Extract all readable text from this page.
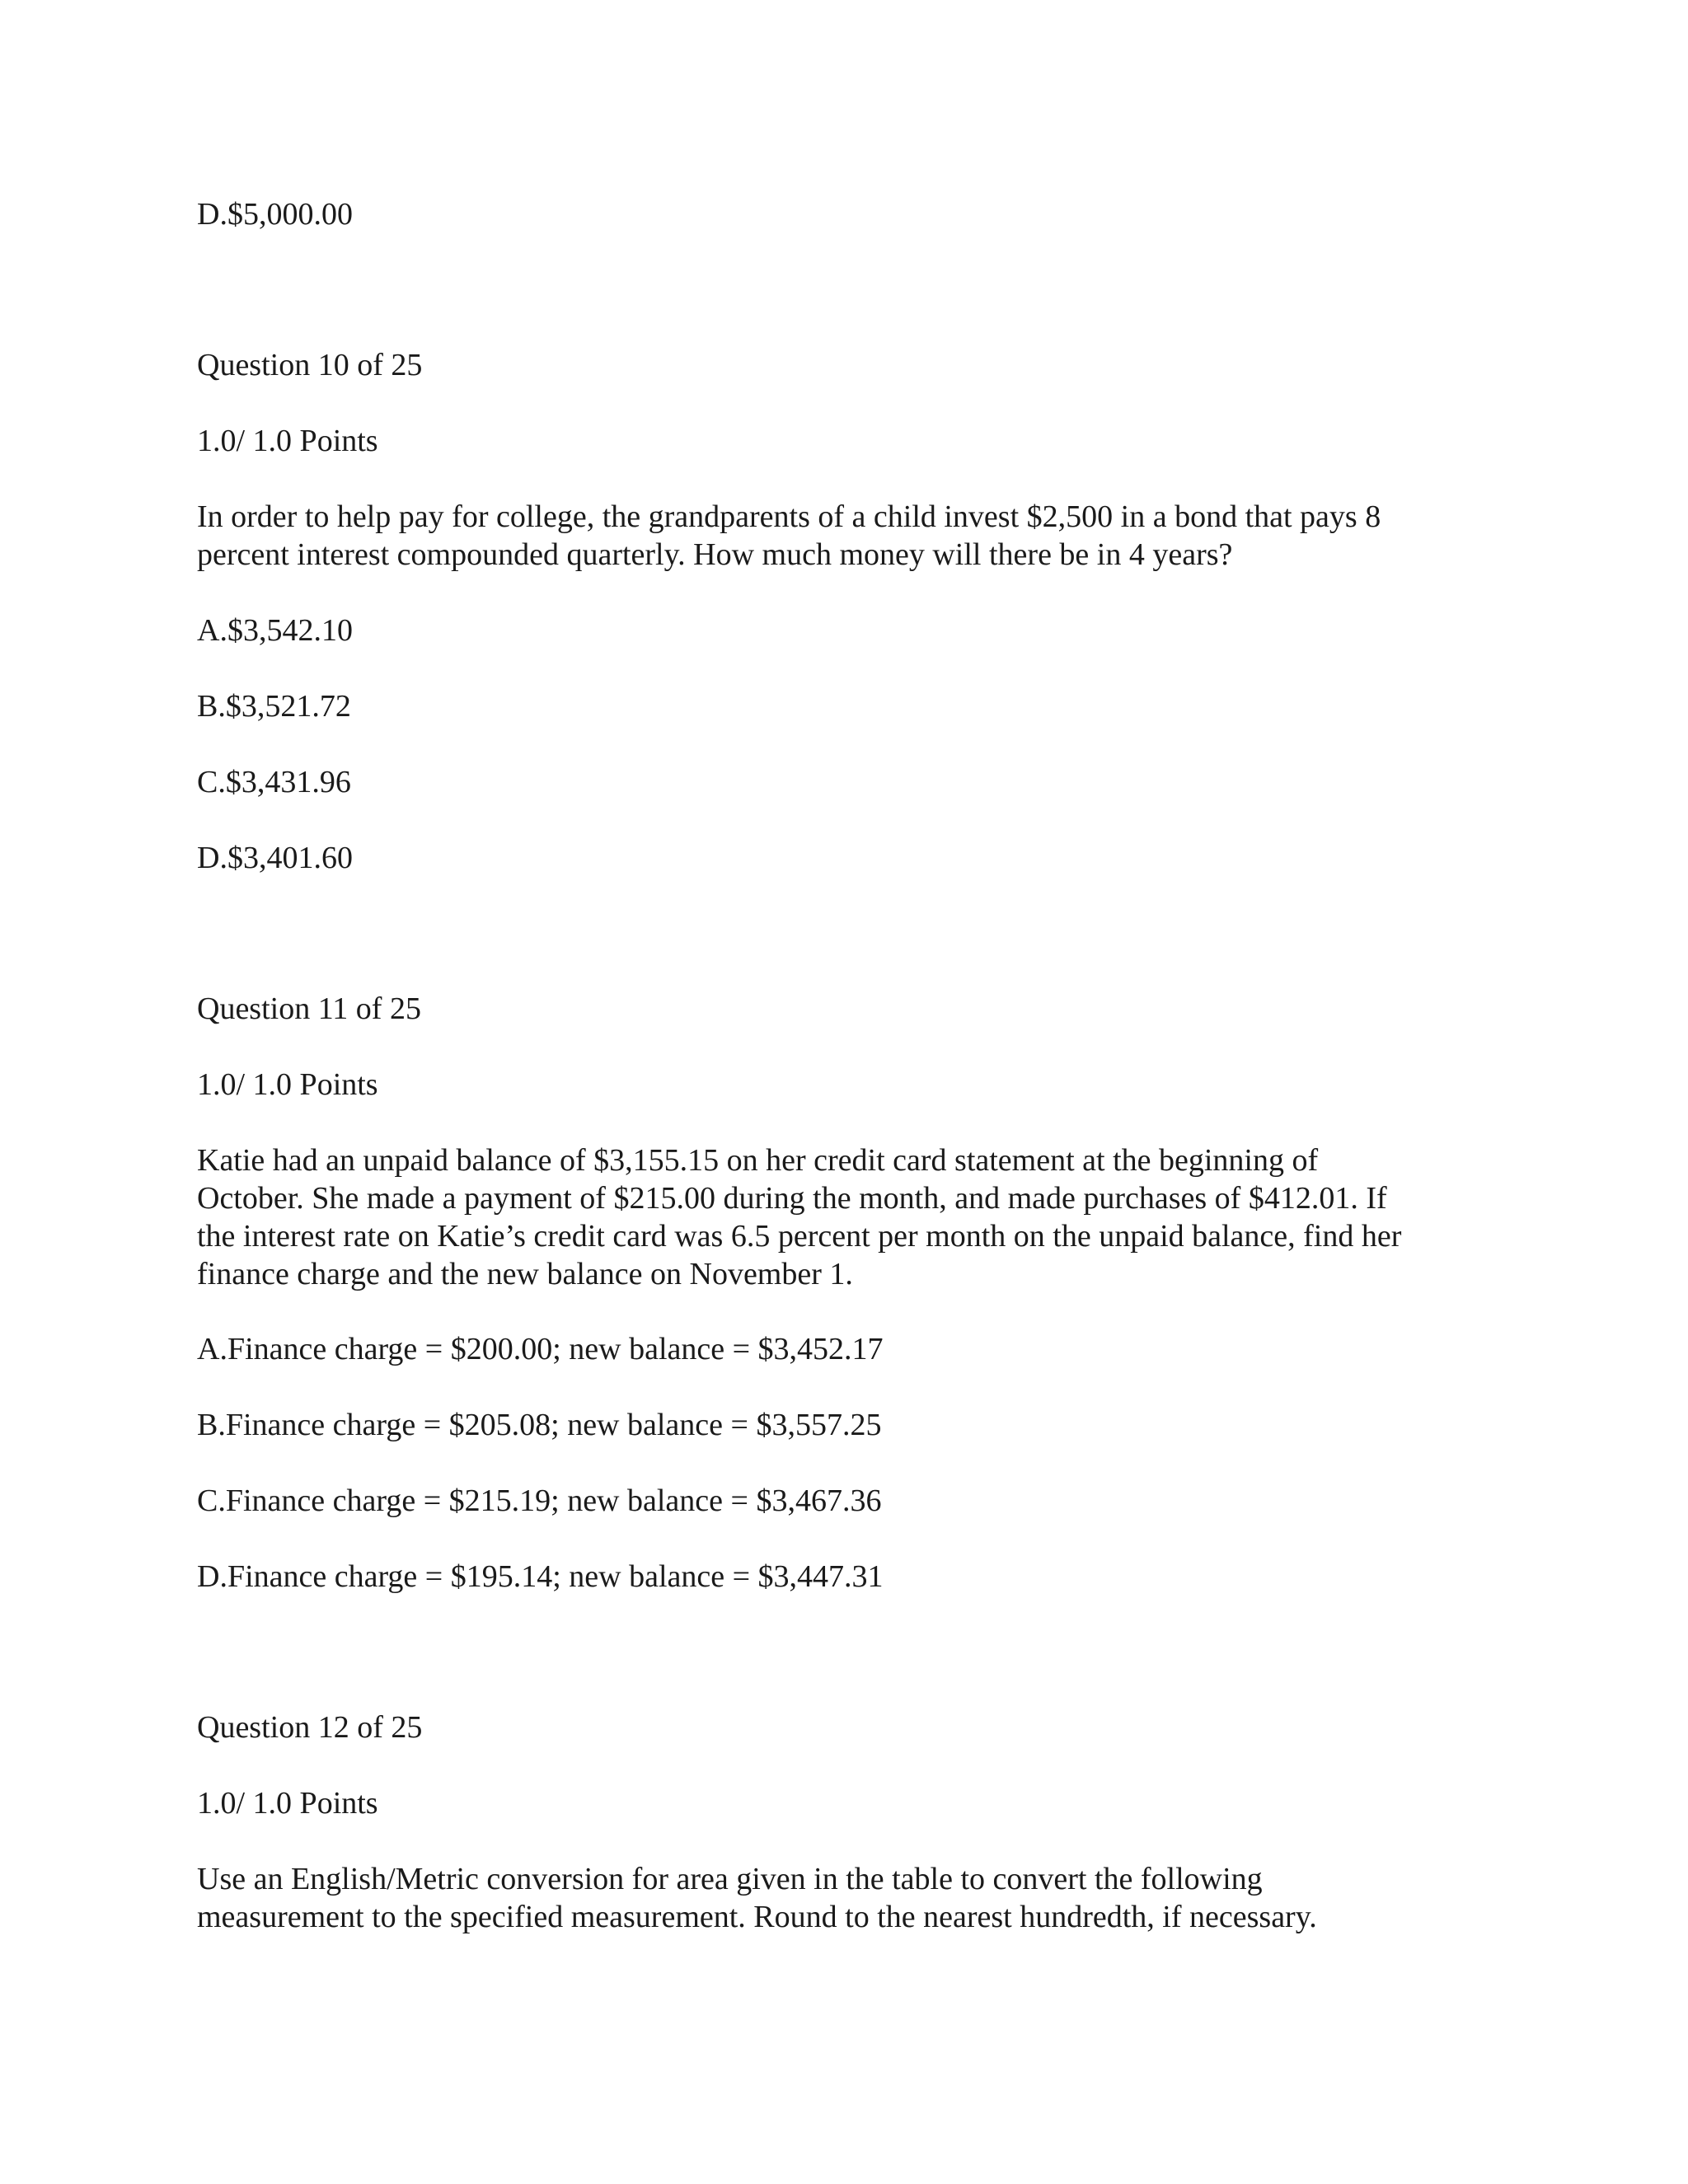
D.$5,000.00

Question 10 of 25

1.0/ 1.0 Points

In order to help pay for college, the grandparents of a child invest $2,500 in a bond that pays 8
percent interest compounded quarterly. How much money will there be in 4 years?

A.$3,542.10

B.$3,521.72

C.$3,431.96

D.$3,401.60

Question 11 of 25

1.0/ 1.0 Points

Katie had an unpaid balance of $3,155.15 on her credit card statement at the beginning of
October. She made a payment of $215.00 during the month, and made purchases of $412.01. If
the interest rate on Katie’s credit card was 6.5 percent per month on the unpaid balance, find her
finance charge and the new balance on November 1.

A.Finance charge = $200.00; new balance = $3,452.17

B.Finance charge = $205.08; new balance = $3,557.25

C.Finance charge = $215.19; new balance = $3,467.36

D.Finance charge = $195.14; new balance = $3,447.31

Question 12 of 25

1.0/ 1.0 Points

Use an English/Metric conversion for area given in the table to convert the following
measurement to the specified measurement. Round to the nearest hundredth, if necessary.
